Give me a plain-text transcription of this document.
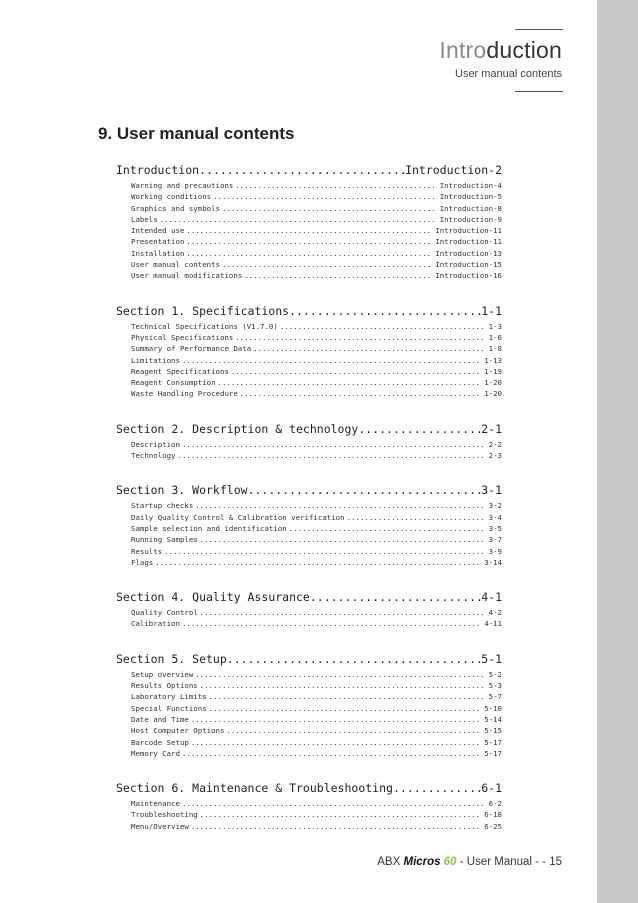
Introduction
User manual contents
9. User manual contents
Introduction .....	Introduction-2
Warning and precautions .....	Introduction-4
Working conditions .....	Introduction-5
Graphics and symbols .....	Introduction-8
Labels .....	Introduction-9
Intended use .....	Introduction-11
Presentation .....	Introduction-11
Installation .....	Introduction-13
User manual contents .....	Introduction-15
User manual modifications .....	Introduction-16
Section 1. Specifications .....	1-1
Technical Specifications (V1.7.0) .....	1-3
Physical Specifications .....	1-6
Summary of Performance Data .....	1-8
Limitations .....	1-13
Reagent Specifications .....	1-19
Reagent Consumption .....	1-20
Waste Handling Procedure .....	1-20
Section 2. Description & technology .....	2-1
Description .....	2-2
Technology .....	2-3
Section 3. Workflow .....	3-1
Startup checks .....	3-2
Daily Quality Control & Calibration verification .....	3-4
Sample selection and identification .....	3-5
Running Samples .....	3-7
Results .....	3-9
Flags .....	3-14
Section 4. Quality Assurance .....	4-1
Quality Control .....	4-2
Calibration .....	4-11
Section 5. Setup .....	5-1
Setup overview .....	5-2
Results Options .....	5-3
Laboratory Limits .....	5-7
Special Functions .....	5-10
Date and Time .....	5-14
Host Computer Options .....	5-15
Barcode Setup .....	5-17
Memory Card .....	5-17
Section 6. Maintenance & Troubleshooting .....	6-1
Maintenance .....	6-2
Troubleshooting .....	6-18
Menu/Overview .....	6-25
ABX Micros 60 - User Manual - - 15
